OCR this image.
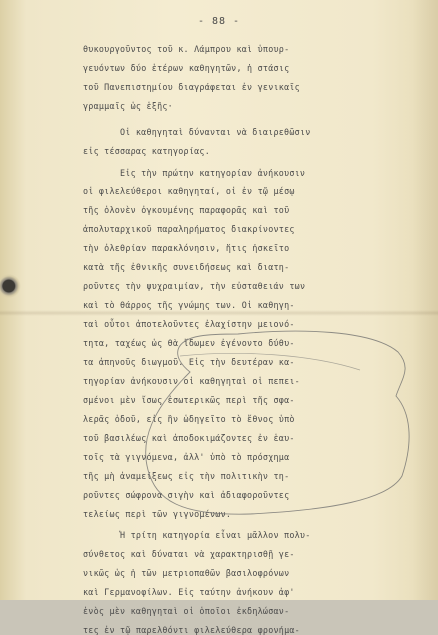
- 88 -
θυκουργοῦντος τοῦ κ. Λάμπρου καὶ ὑπουρ-
γευόντων δύο ἑτέρων καθηγητῶν, ἡ στάσις
τοῦ Πανεπιστημίου διαγράφεται ἐν γενικαῖς
γραμμαῖς ὡς ἑξῆς·
Οἱ καθηγηταὶ δύνανται νὰ διαιρεθῶσιν
εἰς τέσσαρας κατηγορίας.
Εἰς τὴν πρώτην κατηγορίαν ἀνήκουσιν
οἱ φιλελεύθεροι καθηγηταί, οἱ ἐν τῷ μέσῳ
τῆς ὁλονὲν ὀγκουμένης παραφορᾶς καὶ τοῦ
ἀπολυταρχικοῦ παραληρήματος διακρίνοντες
τὴν ὀλεθρίαν παρακλόνησιν, ἥτις ἠσκεῖτο
κατὰ τῆς ἐθνικῆς συνειδήσεως καὶ διατη-
ροῦντες τὴν ψυχραιμίαν, τὴν εὐσταθειάν των
καὶ τὸ θάρρος τῆς γνώμης των. Οἱ καθηγη-
ταὶ οὗτοι ἀποτελοῦντες ἐλαχίστην μειονό-
τητα, ταχέως ὡς θὰ ἴδωμεν ἐγένοντο δύθυ-
τα ἀπηνοῦς διωγμοῦ. Εἰς τὴν δευτέραν κα-
τηγορίαν ἀνήκουσιν οἱ καθηγηταὶ οἱ πεπει-
σμένοι μὲν ἴσως ἐσωτερικῶς περὶ τῆς σφα-
λερᾶς ὁδοῦ, εἰς ἣν ὡδηγεῖτο τὸ ἔθνος ὑπὸ
τοῦ βασιλέως καὶ ἀποδοκιμάζοντες ἐν ἑαυ-
τοῖς τὰ γιγνόμενα, ἀλλ' ὑπὸ τὸ πρόσχημα
τῆς μὴ ἀναμείξεως εἰς τὴν πολιτικὴν τη-
ροῦντες σώφρονα σιγὴν καὶ ἀδιαφοροῦντες
τελείως περὶ τῶν γιγνομένων.
Ἡ τρίτη κατηγορία εἶναι μᾶλλον πολυ-
σύνθετος καὶ δύναται νὰ χαρακτηρισθῇ γε-
νικῶς ὡς ἡ τῶν μετριοπαθῶν βασιλοφρόνων
καὶ Γερμανοφίλων. Εἰς ταύτην ἀνήκουν ἀφ'
ἑνὸς μὲν καθηγηταὶ οἱ ὁποῖοι ἐκδηλώσαν-
τες ἐν τῷ παρελθόντι φιλελεύθερα φρονήμα-
